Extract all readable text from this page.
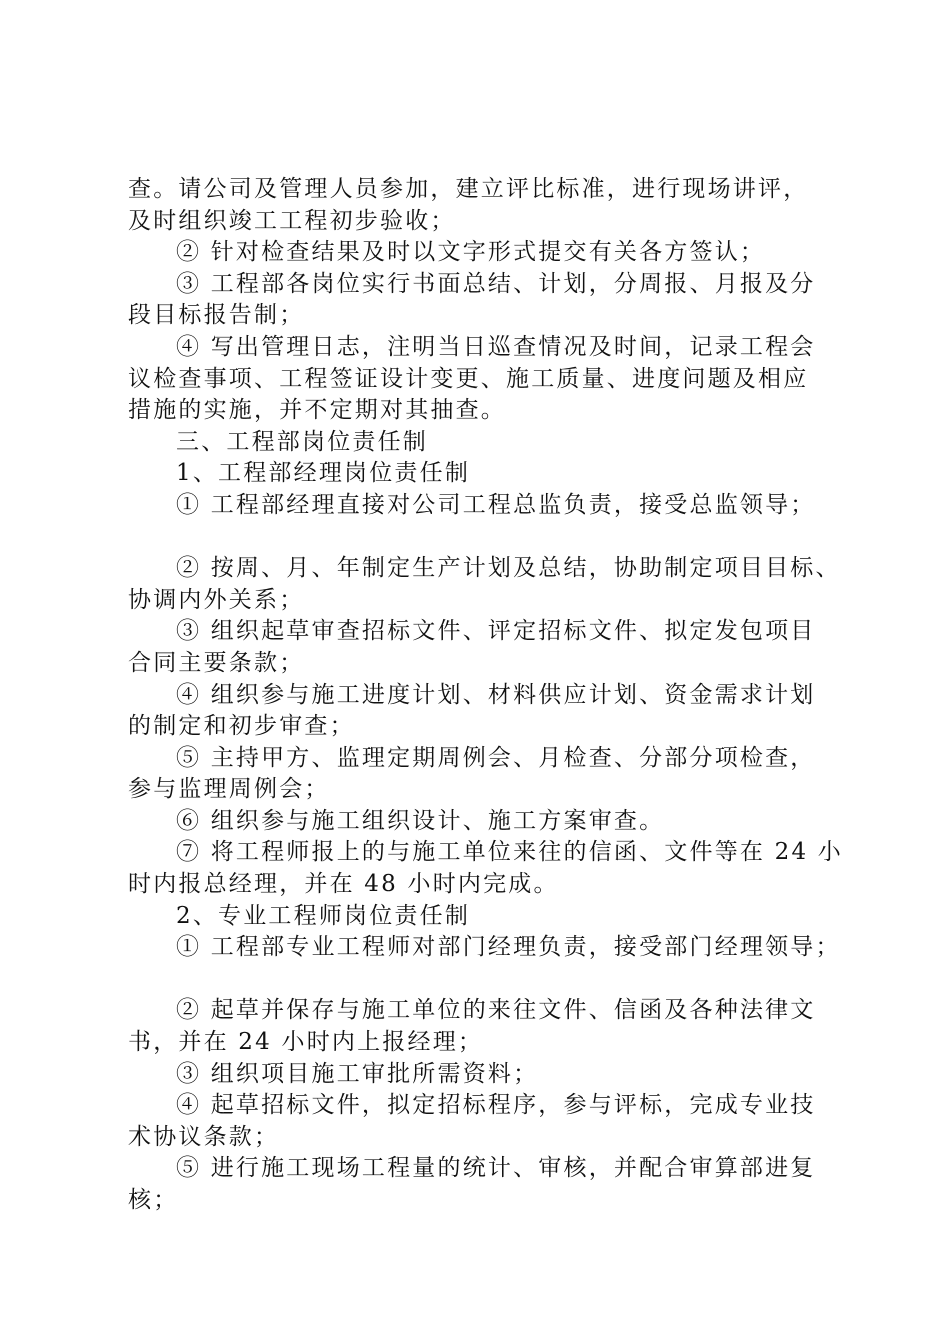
查。请公司及管理人员参加，建立评比标准，进行现场讲评，
及时组织竣工工程初步验收；
② 针对检查结果及时以文字形式提交有关各方签认；
③ 工程部各岗位实行书面总结、计划，分周报、月报及分
段目标报告制；
④ 写出管理日志，注明当日巡查情况及时间，记录工程会
议检查事项、工程签证设计变更、施工质量、进度问题及相应
措施的实施，并不定期对其抽查。
三、工程部岗位责任制
1、工程部经理岗位责任制
① 工程部经理直接对公司工程总监负责，接受总监领导；
② 按周、月、年制定生产计划及总结，协助制定项目目标、
协调内外关系；
③ 组织起草审查招标文件、评定招标文件、拟定发包项目
合同主要条款；
④ 组织参与施工进度计划、材料供应计划、资金需求计划
的制定和初步审查；
⑤ 主持甲方、监理定期周例会、月检查、分部分项检查，
参与监理周例会；
⑥ 组织参与施工组织设计、施工方案审查。
⑦ 将工程师报上的与施工单位来往的信函、文件等在 24 小
时内报总经理，并在 48 小时内完成。
2、专业工程师岗位责任制
① 工程部专业工程师对部门经理负责，接受部门经理领导；
② 起草并保存与施工单位的来往文件、信函及各种法律文
书，并在 24 小时内上报经理；
③ 组织项目施工审批所需资料；
④ 起草招标文件，拟定招标程序，参与评标，完成专业技
术协议条款；
⑤ 进行施工现场工程量的统计、审核，并配合审算部进复
核；
